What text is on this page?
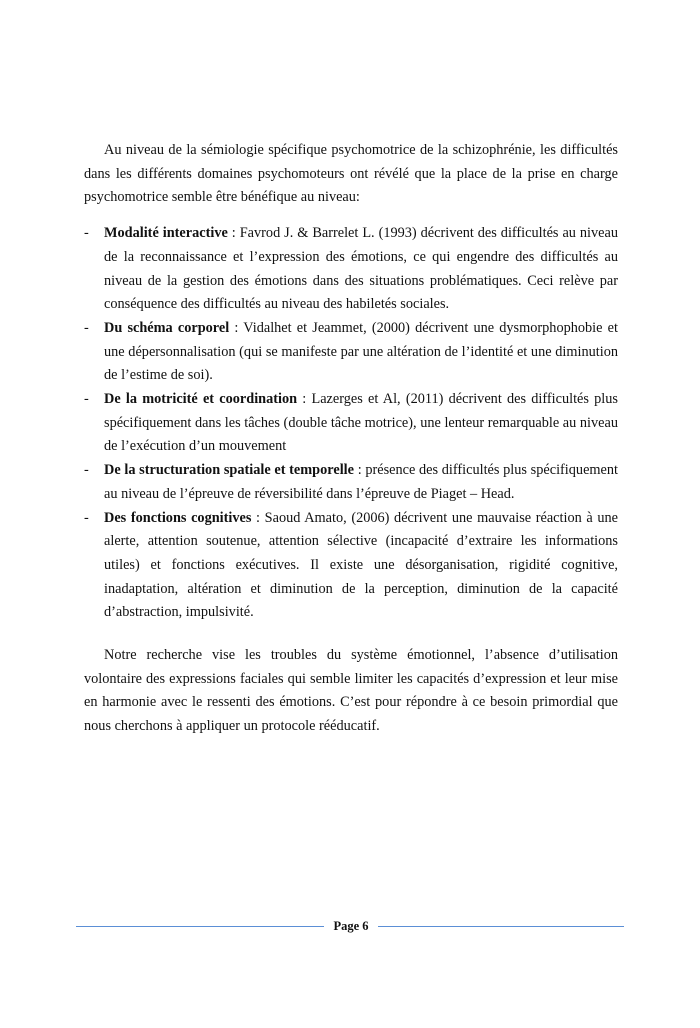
Au niveau de la sémiologie spécifique psychomotrice de la schizophrénie, les difficultés dans les différents domaines psychomoteurs ont révélé que la place de la prise en charge psychomotrice semble être bénéfique au niveau:

- Modalité interactive : Favrod J. & Barrelet L. (1993) décrivent des difficultés au niveau de la reconnaissance et l’expression des émotions, ce qui engendre des difficultés au niveau de la gestion des émotions dans des situations problématiques. Ceci relève par conséquence des difficultés au niveau des habiletés sociales.
- Du schéma corporel : Vidalhet et Jeammet, (2000) décrivent une dysmorphophobie et une dépersonnalisation (qui se manifeste par une altération de l’identité et une diminution de l’estime de soi).
- De la motricité et coordination : Lazerges et Al, (2011) décrivent des difficultés plus spécifiquement dans les tâches (double tâche motrice), une lenteur remarquable au niveau de l’exécution d’un mouvement
- De la structuration spatiale et temporelle : présence des difficultés plus spécifiquement au niveau de l’épreuve de réversibilité dans l’épreuve de Piaget – Head.
- Des fonctions cognitives : Saoud Amato, (2006) décrivent une mauvaise réaction à une alerte, attention soutenue, attention sélective (incapacité d’extraire les informations utiles) et fonctions exécutives. Il existe une désorganisation, rigidité cognitive, inadaptation, altération et diminution de la perception, diminution de la capacité d’abstraction, impulsivité.

Notre recherche vise les troubles du système émotionnel, l’absence d’utilisation volontaire des expressions faciales qui semble limiter les capacités d’expression et leur mise en harmonie avec le ressenti des émotions. C’est pour répondre à ce besoin primordial que nous cherchons à appliquer un protocole rééducatif.

Page 6
